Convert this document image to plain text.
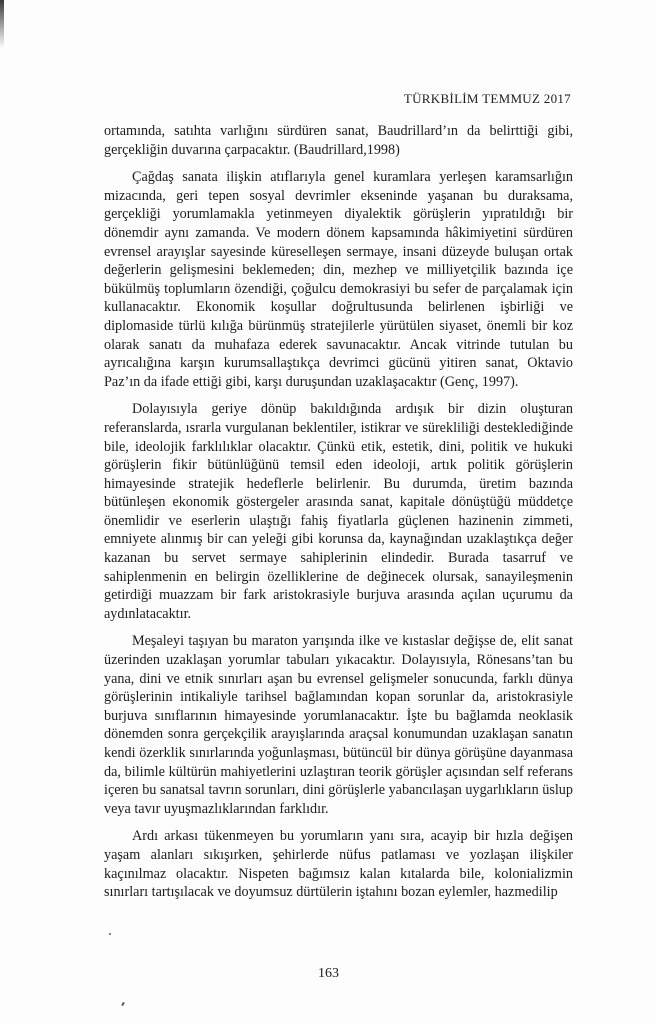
TÜRKBİLİM TEMMUZ 2017

ortamında, satıhta varlığını sürdüren sanat, Baudrillard’ın da belirttiği gibi, gerçekliğin duvarına çarpacaktır. (Baudrillard,1998)

Çağdaş sanata ilişkin atıflarıyla genel kuramlara yerleşen karamsarlığın mizacında, geri tepen sosyal devrimler ekseninde yaşanan bu duraksama, gerçekliği yorumlamakla yetinmeyen diyalektik görüşlerin yıpratıldığı bir dönemdir aynı zamanda. Ve modern dönem kapsamında hâkimiyetini sürdüren evrensel arayışlar sayesinde küreselleşen sermaye, insani düzeyde buluşan ortak değerlerin gelişmesini beklemeden; din, mezhep ve milliyetçilik bazında içe bükülmüş toplumların özendiği, çoğulcu demokrasiyi bu sefer de parçalamak için kullanacaktır. Ekonomik koşullar doğrultusunda belirlenen işbirliği ve diplomaside türlü kılığa bürünmüş stratejilerle yürütülen siyaset, önemli bir koz olarak sanatı da muhafaza ederek savunacaktır. Ancak vitrinde tutulan bu ayrıcalığına karşın kurumsallaştıkça devrimci gücünü yitiren sanat, Oktavio Paz’ın da ifade ettiği gibi, karşı duruşundan uzaklaşacaktır (Genç, 1997).

Dolayısıyla geriye dönüp bakıldığında ardışık bir dizin oluşturan referanslarda, ısrarla vurgulanan beklentiler, istikrar ve sürekliliği desteklediğinde bile, ideolojik farklılıklar olacaktır. Çünkü etik, estetik, dini, politik ve hukuki görüşlerin fikir bütünlüğünü temsil eden ideoloji, artık politik görüşlerin himayesinde stratejik hedeflerle belirlenir. Bu durumda, üretim bazında bütünleşen ekonomik göstergeler arasında sanat, kapitale dönüştüğü müddetçe önemlidir ve eserlerin ulaştığı fahiş fiyatlarla güçlenen hazinenin zimmeti, emniyete alınmış bir can yeleği gibi korunsa da, kaynağından uzaklaştıkça değer kazanan bu servet sermaye sahiplerinin elindedir. Burada tasarruf ve sahiplenmenin en belirgin özelliklerine de değinecek olursak, sanayileşmenin getirdiği muazzam bir fark aristokrasiyle burjuva arasında açılan uçurumu da aydınlatacaktır.

Meşaleyi taşıyan bu maraton yarışında ilke ve kıstaslar değişse de, elit sanat üzerinden uzaklaşan yorumlar tabuları yıkacaktır. Dolayısıyla, Rönesans’tan bu yana, dini ve etnik sınırları aşan bu evrensel gelişmeler sonucunda, farklı dünya görüşlerinin intikaliyle tarihsel bağlamından kopan sorunlar da, aristokrasiyle burjuva sınıflarının himayesinde yorumlanacaktır. İşte bu bağlamda neoklasik dönemden sonra gerçekçilik arayışlarında araçsal konumundan uzaklaşan sanatın kendi özerklik sınırlarında yoğunlaşması, bütüncül bir dünya görüşüne dayanmasa da, bilimle kültürün mahiyetlerini uzlaştıran teorik görüşler açısından self referans içeren bu sanatsal tavrın sorunları, dini görüşlerle yabancılaşan uygarlıkların üslup veya tavır uyuşmazlıklarından farklıdır.

Ardı arkası tükenmeyen bu yorumların yanı sıra, acayip bir hızla değişen yaşam alanları sıkışırken, şehirlerde nüfus patlaması ve yozlaşan ilişkiler kaçınılmaz olacaktır. Nispeten bağımsız kalan kıtalarda bile, kolonializmin sınırları tartışılacak ve doyumsuz dürtülerin iştahını bozan eylemler, hazmedilip

163
